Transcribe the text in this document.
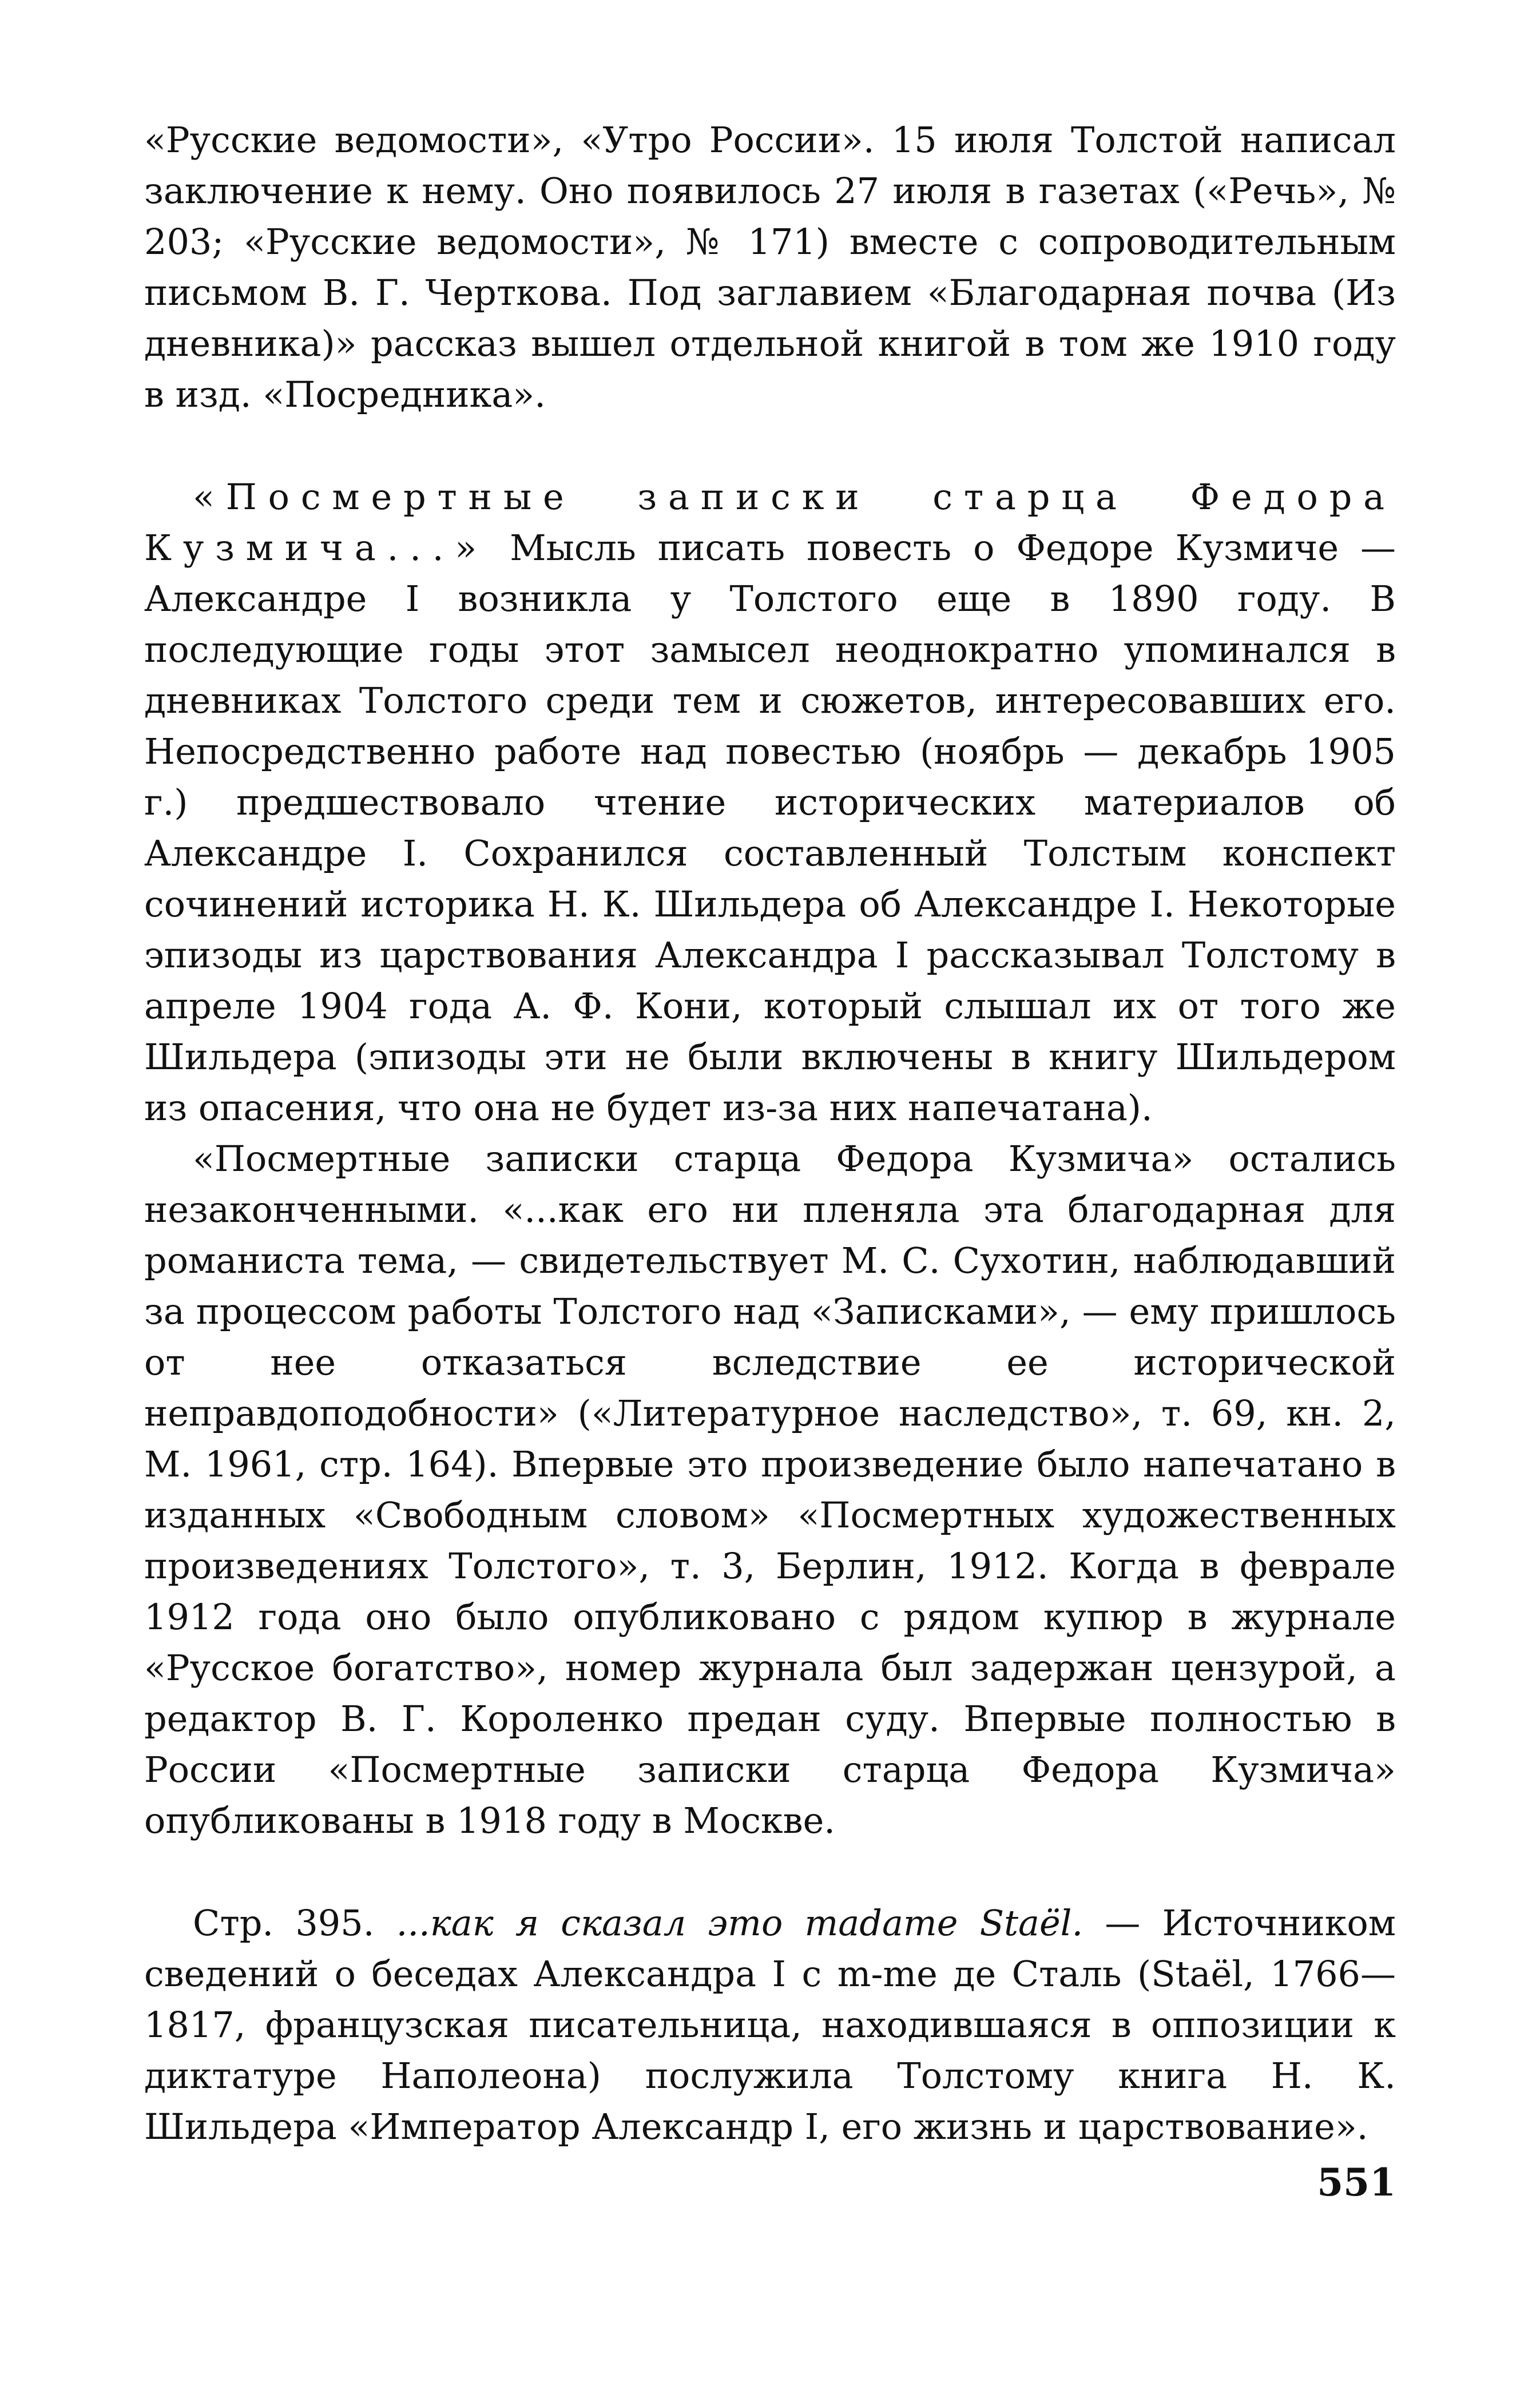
«Русские ведомости», «Утро России». 15 июля Толстой написал заключение к нему. Оно появилось 27 июля в газетах («Речь», № 203; «Русские ведомости», № 171) вместе с сопроводительным письмом В. Г. Черткова. Под заглавием «Благодарная почва (Из дневника)» рассказ вышел отдельной книгой в том же 1910 году в изд. «Посредника».

«Посмертные записки старца Федора Кузмича...» Мысль писать повесть о Федоре Кузмиче — Александре I возникла у Толстого еще в 1890 году. В последующие годы этот замысел неоднократно упоминался в дневниках Толстого среди тем и сюжетов, интересовавших его. Непосредственно работе над повестью (ноябрь — декабрь 1905 г.) предшествовало чтение исторических материалов об Александре I. Сохранился составленный Толстым конспект сочинений историка Н. К. Шильдера об Александре I. Некоторые эпизоды из царствования Александра I рассказывал Толстому в апреле 1904 года А. Ф. Кони, который слышал их от того же Шильдера (эпизоды эти не были включены в книгу Шильдером из опасения, что она не будет из-за них напечатана).

«Посмертные записки старца Федора Кузмича» остались незаконченными. «...как его ни пленяла эта благодарная для романиста тема, — свидетельствует М. С. Сухотин, наблюдавший за процессом работы Толстого над «Записками», — ему пришлось от нее отказаться вследствие ее исторической неправдоподобности» («Литературное наследство», т. 69, кн. 2, М. 1961, стр. 164). Впервые это произведение было напечатано в изданных «Свободным словом» «Посмертных художественных произведениях Толстого», т. 3, Берлин, 1912. Когда в феврале 1912 года оно было опубликовано с рядом купюр в журнале «Русское богатство», номер журнала был задержан цензурой, а редактор В. Г. Короленко предан суду. Впервые полностью в России «Посмертные записки старца Федора Кузмича» опубликованы в 1918 году в Москве.

Стр. 395. ...как я сказал это madame Staël. — Источником сведений о беседах Александра I с m-me де Сталь (Staël, 1766—1817, французская писательница, находившаяся в оппозиции к диктатуре Наполеона) послужила Толстому книга Н. К. Шильдера «Император Александр I, его жизнь и царствование».

551
